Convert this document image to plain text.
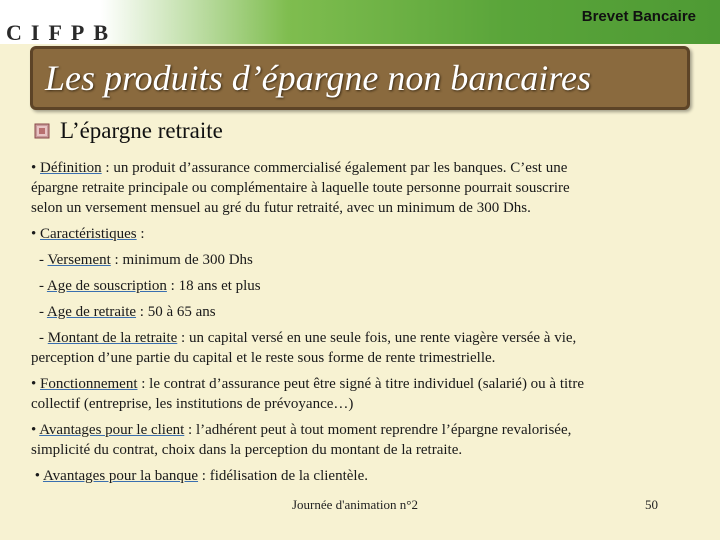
CIFPB
Brevet Bancaire
Les produits d’épargne non bancaires
L’épargne retraite

• Définition : un produit d’assurance commercialisé également par les banques. C’est une

épargne retraite principale ou complémentaire à laquelle toute personne pourrait souscrire

selon un versement mensuel au gré du futur retraité, avec un minimum de 300 Dhs.

• Caractéristiques :

- Versement : minimum de 300 Dhs

- Age de souscription : 18 ans et plus

- Age de retraite : 50 à 65 ans

- Montant de la retraite : un capital versé en une seule fois, une rente viagère versée à vie,

perception d’une partie du capital et le reste sous forme de rente trimestrielle.

• Fonctionnement : le contrat d’assurance peut être signé à titre individuel (salarié) ou à titre

collectif (entreprise, les institutions de prévoyance…)

• Avantages pour le client : l’adhérent peut à tout moment reprendre l’épargne revalorisée,

simplicité du contrat, choix dans la perception du montant de la retraite.

• Avantages pour la banque : fidélisation de la clientèle.

Journée d'animation n°2	50
